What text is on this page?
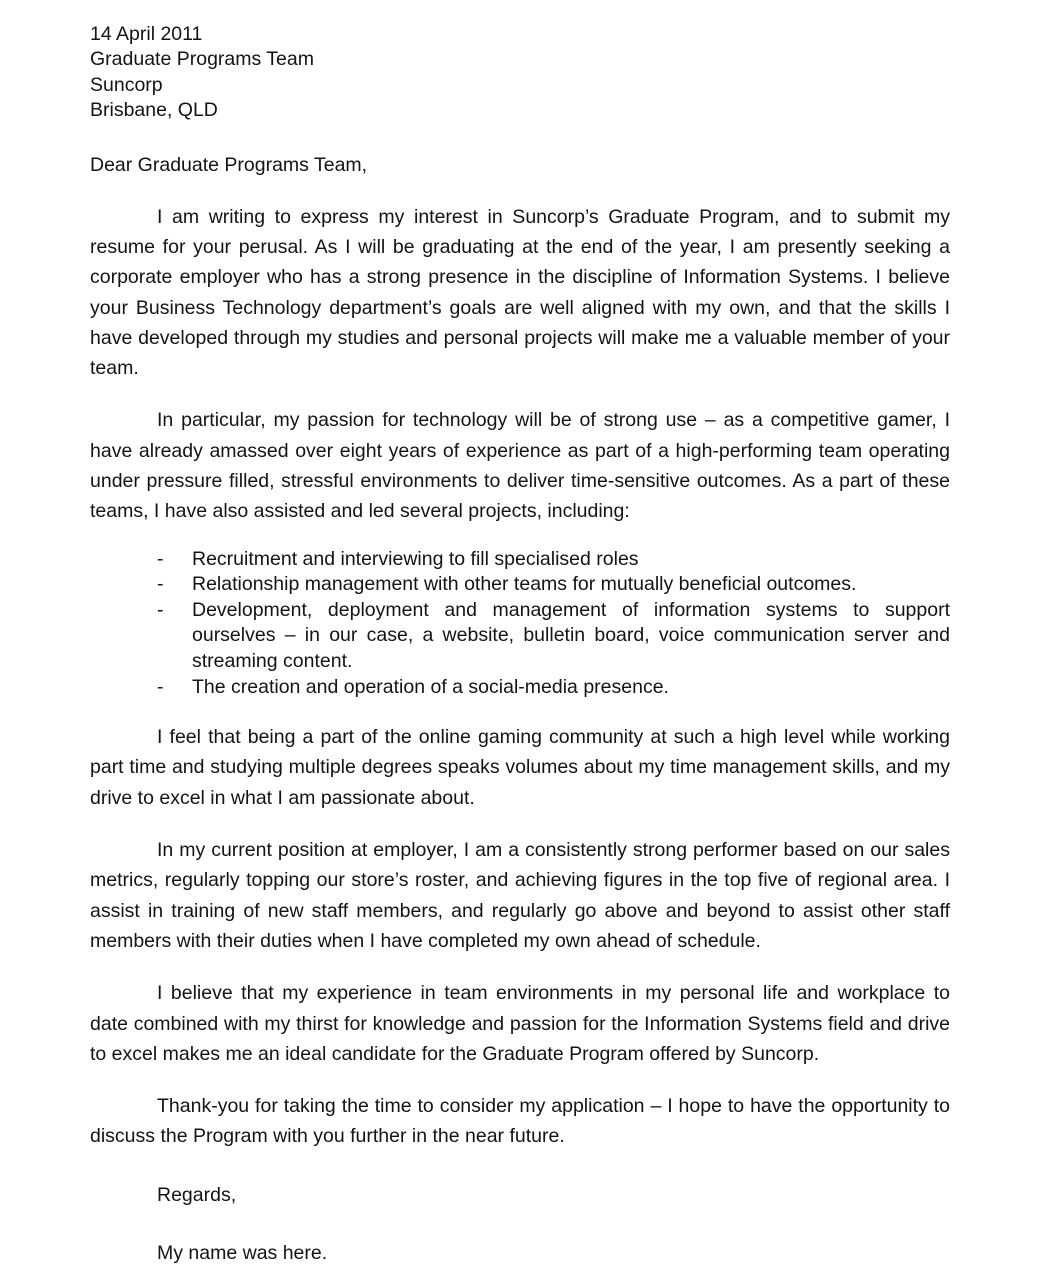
14 April 2011
Graduate Programs Team
Suncorp
Brisbane, QLD
Dear Graduate Programs Team,

I am writing to express my interest in Suncorp’s Graduate Program, and to submit my resume for your perusal. As I will be graduating at the end of the year, I am presently seeking a corporate employer who has a strong presence in the discipline of Information Systems. I believe your Business Technology department’s goals are well aligned with my own, and that the skills I have developed through my studies and personal projects will make me a valuable member of your team.

In particular, my passion for technology will be of strong use – as a competitive gamer, I have already amassed over eight years of experience as part of a high-performing team operating under pressure filled, stressful environments to deliver time-sensitive outcomes. As a part of these teams, I have also assisted and led several projects, including:

- Recruitment and interviewing to fill specialised roles
- Relationship management with other teams for mutually beneficial outcomes.
- Development, deployment and management of information systems to support ourselves – in our case, a website, bulletin board, voice communication server and streaming content.
- The creation and operation of a social-media presence.

I feel that being a part of the online gaming community at such a high level while working part time and studying multiple degrees speaks volumes about my time management skills, and my drive to excel in what I am passionate about.

In my current position at employer, I am a consistently strong performer based on our sales metrics, regularly topping our store’s roster, and achieving figures in the top five of regional area. I assist in training of new staff members, and regularly go above and beyond to assist other staff members with their duties when I have completed my own ahead of schedule.

I believe that my experience in team environments in my personal life and workplace to date combined with my thirst for knowledge and passion for the Information Systems field and drive to excel makes me an ideal candidate for the Graduate Program offered by Suncorp.

Thank-you for taking the time to consider my application – I hope to have the opportunity to discuss the Program with you further in the near future.

Regards,
My name was here.
